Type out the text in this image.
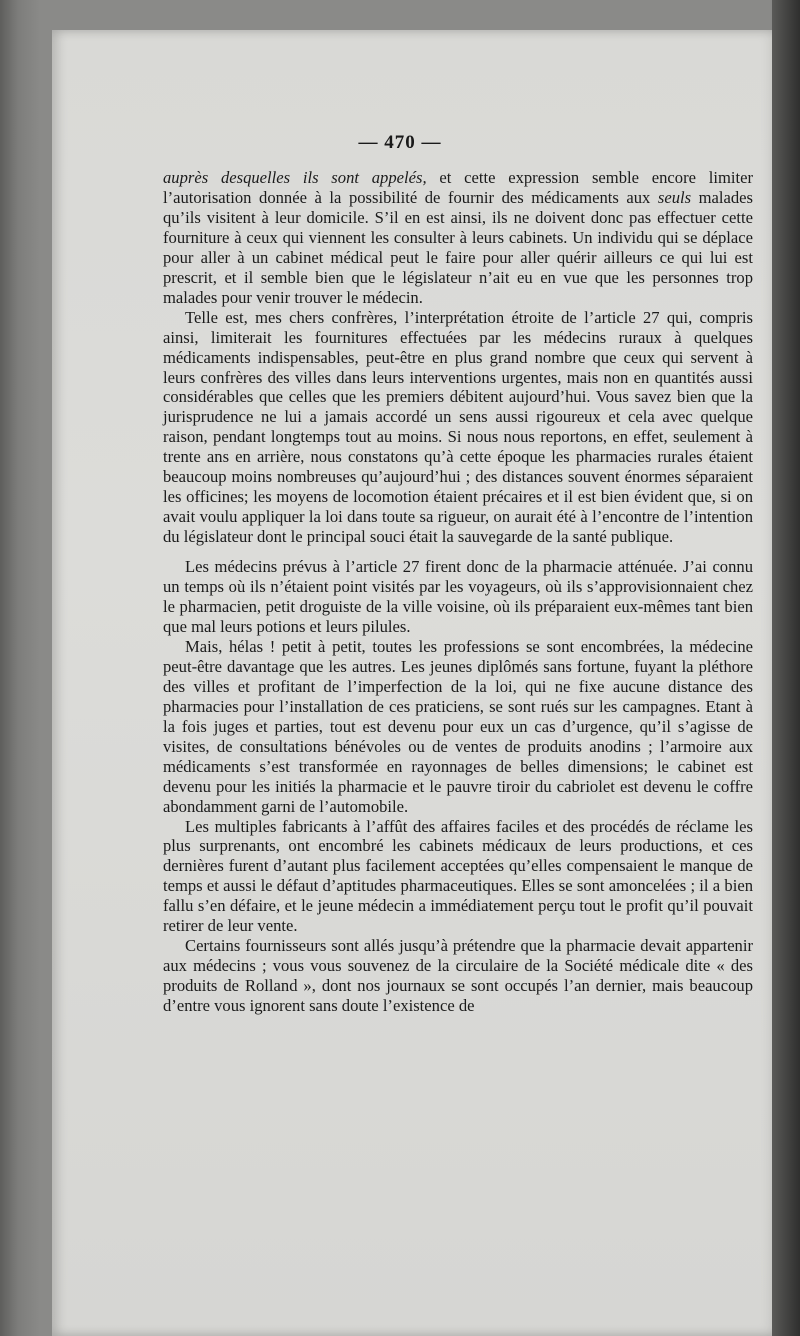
— 470 —

auprès desquelles ils sont appelés, et cette expression semble encore limiter l’autorisation donnée à la possibilité de fournir des médicaments aux seuls malades qu’ils visitent à leur domicile. S’il en est ainsi, ils ne doivent donc pas effectuer cette fourniture à ceux qui viennent les consulter à leurs cabinets. Un individu qui se déplace pour aller à un cabinet médical peut le faire pour aller quérir ailleurs ce qui lui est prescrit, et il semble bien que le législateur n’ait eu en vue que les personnes trop malades pour venir trouver le médecin.

Telle est, mes chers confrères, l’interprétation étroite de l’article 27 qui, compris ainsi, limiterait les fournitures effectuées par les médecins ruraux à quelques médicaments indispensables, peut-être en plus grand nombre que ceux qui servent à leurs confrères des villes dans leurs interventions urgentes, mais non en quantités aussi considérables que celles que les premiers débitent aujourd’hui. Vous savez bien que la jurisprudence ne lui a jamais accordé un sens aussi rigoureux et cela avec quelque raison, pendant longtemps tout au moins. Si nous nous reportons, en effet, seulement à trente ans en arrière, nous constatons qu’à cette époque les pharmacies rurales étaient beaucoup moins nombreuses qu’aujourd’hui ; des distances souvent énormes séparaient les officines; les moyens de locomotion étaient précaires et il est bien évident que, si on avait voulu appliquer la loi dans toute sa rigueur, on aurait été à l’encontre de l’intention du législateur dont le principal souci était la sauvegarde de la santé publique.

Les médecins prévus à l’article 27 firent donc de la pharmacie atténuée. J’ai connu un temps où ils n’étaient point visités par les voyageurs, où ils s’approvisionnaient chez le pharmacien, petit droguiste de la ville voisine, où ils préparaient eux-mêmes tant bien que mal leurs potions et leurs pilules.

Mais, hélas ! petit à petit, toutes les professions se sont encombrées, la médecine peut-être davantage que les autres. Les jeunes diplômés sans fortune, fuyant la pléthore des villes et profitant de l’imperfection de la loi, qui ne fixe aucune distance des pharmacies pour l’installation de ces praticiens, se sont rués sur les campagnes. Etant à la fois juges et parties, tout est devenu pour eux un cas d’urgence, qu’il s’agisse de visites, de consultations bénévoles ou de ventes de produits anodins ; l’armoire aux médicaments s’est transformée en rayonnages de belles dimensions; le cabinet est devenu pour les initiés la pharmacie et le pauvre tiroir du cabriolet est devenu le coffre abondamment garni de l’automobile.

Les multiples fabricants à l’affût des affaires faciles et des procédés de réclame les plus surprenants, ont encombré les cabinets médicaux de leurs productions, et ces dernières furent d’autant plus facilement acceptées qu’elles compensaient le manque de temps et aussi le défaut d’aptitudes pharmaceutiques. Elles se sont amoncelées ; il a bien fallu s’en défaire, et le jeune médecin a immédiatement perçu tout le profit qu’il pouvait retirer de leur vente.

Certains fournisseurs sont allés jusqu’à prétendre que la pharmacie devait appartenir aux médecins ; vous vous souvenez de la circulaire de la Société médicale dite « des produits de Rolland », dont nos journaux se sont occupés l’an dernier, mais beaucoup d’entre vous ignorent sans doute l’existence de
